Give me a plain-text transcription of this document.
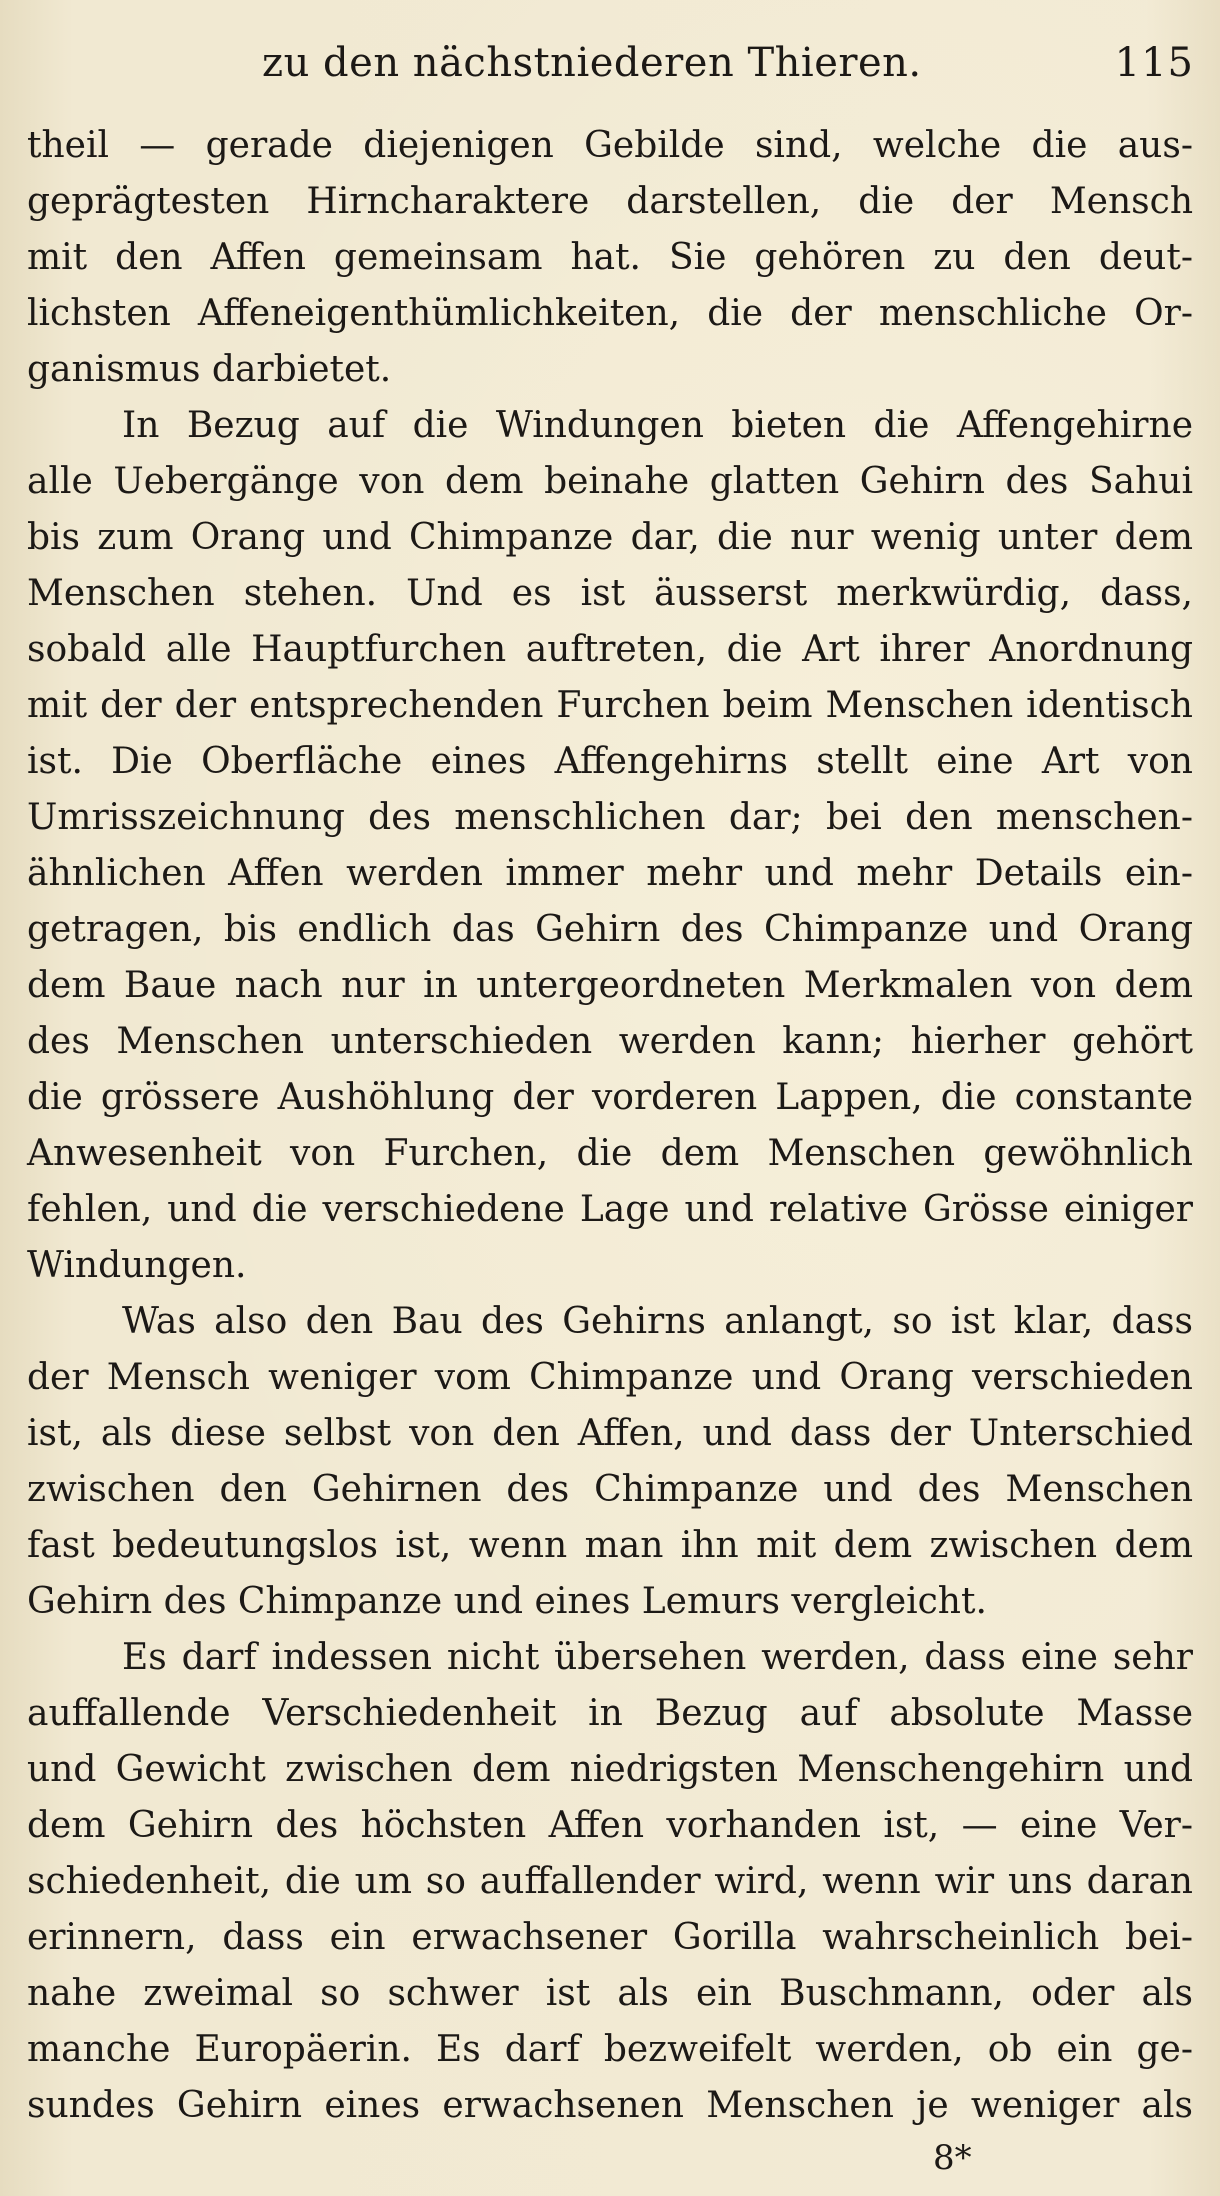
zu den nächstniederen Thieren.	115
theil — gerade diejenigen Gebilde sind, welche die aus-
geprägtesten Hirncharaktere darstellen, die der Mensch
mit den Affen gemeinsam hat. Sie gehören zu den deut-
lichsten Affeneigenthümlichkeiten, die der menschliche Or-
ganismus darbietet.
In Bezug auf die Windungen bieten die Affengehirne
alle Uebergänge von dem beinahe glatten Gehirn des Sahui
bis zum Orang und Chimpanze dar, die nur wenig unter dem
Menschen stehen. Und es ist äusserst merkwürdig, dass,
sobald alle Hauptfurchen auftreten, die Art ihrer Anordnung
mit der der entsprechenden Furchen beim Menschen identisch
ist. Die Oberfläche eines Affengehirns stellt eine Art von
Umrisszeichnung des menschlichen dar; bei den menschen-
ähnlichen Affen werden immer mehr und mehr Details ein-
getragen, bis endlich das Gehirn des Chimpanze und Orang
dem Baue nach nur in untergeordneten Merkmalen von dem
des Menschen unterschieden werden kann; hierher gehört
die grössere Aushöhlung der vorderen Lappen, die constante
Anwesenheit von Furchen, die dem Menschen gewöhnlich
fehlen, und die verschiedene Lage und relative Grösse einiger
Windungen.
Was also den Bau des Gehirns anlangt, so ist klar, dass
der Mensch weniger vom Chimpanze und Orang verschieden
ist, als diese selbst von den Affen, und dass der Unterschied
zwischen den Gehirnen des Chimpanze und des Menschen
fast bedeutungslos ist, wenn man ihn mit dem zwischen dem
Gehirn des Chimpanze und eines Lemurs vergleicht.
Es darf indessen nicht übersehen werden, dass eine sehr
auffallende Verschiedenheit in Bezug auf absolute Masse
und Gewicht zwischen dem niedrigsten Menschengehirn und
dem Gehirn des höchsten Affen vorhanden ist, — eine Ver-
schiedenheit, die um so auffallender wird, wenn wir uns daran
erinnern, dass ein erwachsener Gorilla wahrscheinlich bei-
nahe zweimal so schwer ist als ein Buschmann, oder als
manche Europäerin. Es darf bezweifelt werden, ob ein ge-
sundes Gehirn eines erwachsenen Menschen je weniger als
8*
